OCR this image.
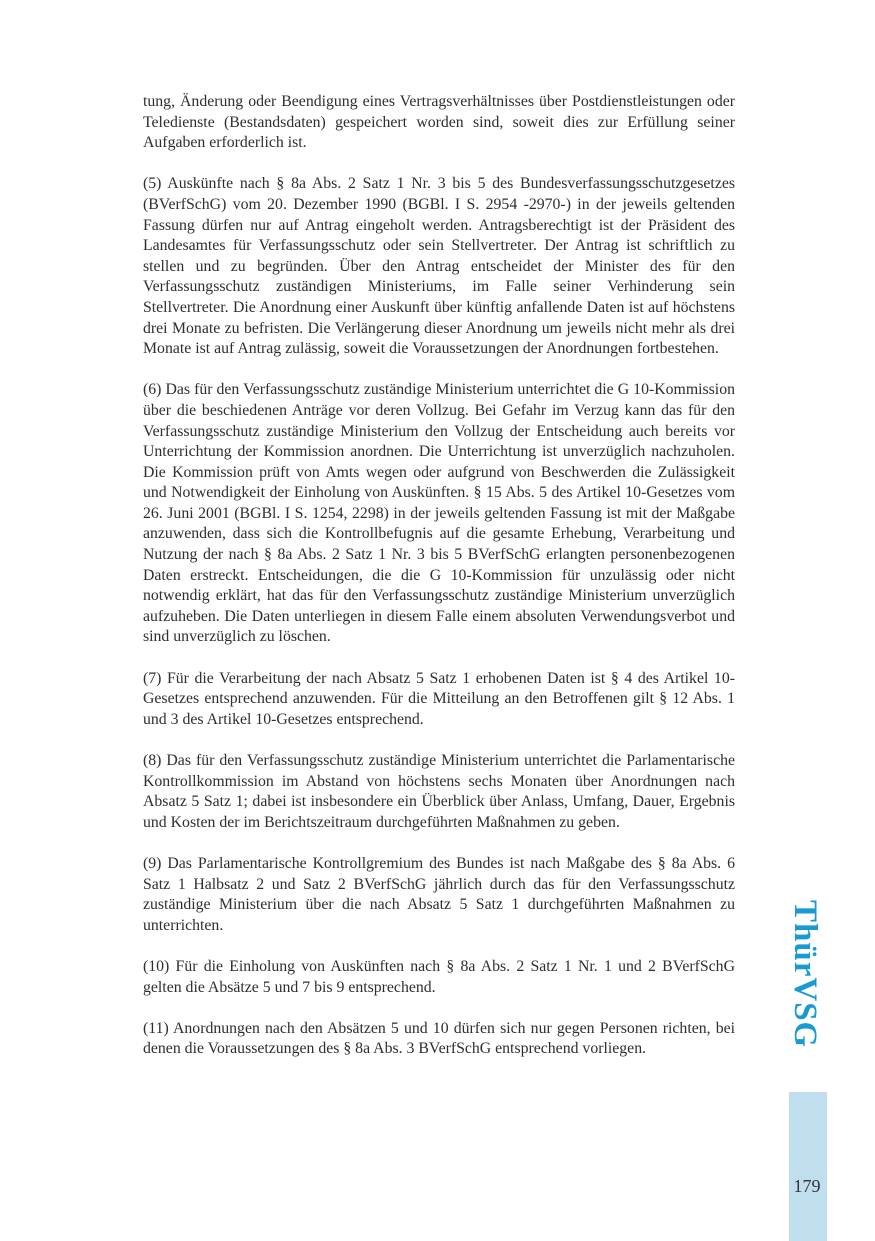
tung, Änderung oder Beendigung eines Vertragsverhältnisses über Postdienstleistungen oder Teledienste (Bestandsdaten) gespeichert worden sind, soweit dies zur Erfüllung seiner Aufgaben erforderlich ist.

(5) Auskünfte nach § 8a Abs. 2 Satz 1 Nr. 3 bis 5 des Bundesverfassungsschutzgesetzes (BVerfSchG) vom 20. Dezember 1990 (BGBl. I S. 2954 -2970-) in der jeweils geltenden Fassung dürfen nur auf Antrag eingeholt werden. Antragsberechtigt ist der Präsident des Landesamtes für Verfassungsschutz oder sein Stellvertreter. Der Antrag ist schriftlich zu stellen und zu begründen. Über den Antrag entscheidet der Minister des für den Verfassungsschutz zuständigen Ministeriums, im Falle seiner Verhinderung sein Stellvertreter. Die Anordnung einer Auskunft über künftig anfallende Daten ist auf höchstens drei Monate zu befristen. Die Verlängerung dieser Anordnung um jeweils nicht mehr als drei Monate ist auf Antrag zulässig, soweit die Voraussetzungen der Anordnungen fortbestehen.

(6) Das für den Verfassungsschutz zuständige Ministerium unterrichtet die G 10-Kommission über die beschiedenen Anträge vor deren Vollzug. Bei Gefahr im Verzug kann das für den Verfassungsschutz zuständige Ministerium den Vollzug der Entscheidung auch bereits vor Unterrichtung der Kommission anordnen. Die Unterrichtung ist unverzüglich nachzuholen. Die Kommission prüft von Amts wegen oder aufgrund von Beschwerden die Zulässigkeit und Notwendigkeit der Einholung von Auskünften. § 15 Abs. 5 des Artikel 10-Gesetzes vom 26. Juni 2001 (BGBl. I S. 1254, 2298) in der jeweils geltenden Fassung ist mit der Maßgabe anzuwenden, dass sich die Kontrollbefugnis auf die gesamte Erhebung, Verarbeitung und Nutzung der nach § 8a Abs. 2 Satz 1 Nr. 3 bis 5 BVerfSchG erlangten personenbezogenen Daten erstreckt. Entscheidungen, die die G 10-Kommission für unzulässig oder nicht notwendig erklärt, hat das für den Verfassungsschutz zuständige Ministerium unverzüglich aufzuheben. Die Daten unterliegen in diesem Falle einem absoluten Verwendungsverbot und sind unverzüglich zu löschen.

(7) Für die Verarbeitung der nach Absatz 5 Satz 1 erhobenen Daten ist § 4 des Artikel 10-Gesetzes entsprechend anzuwenden. Für die Mitteilung an den Betroffenen gilt § 12 Abs. 1 und 3 des Artikel 10-Gesetzes entsprechend.

(8) Das für den Verfassungsschutz zuständige Ministerium unterrichtet die Parlamentarische Kontrollkommission im Abstand von höchstens sechs Monaten über Anordnungen nach Absatz 5 Satz 1; dabei ist insbesondere ein Überblick über Anlass, Umfang, Dauer, Ergebnis und Kosten der im Berichtszeitraum durchgeführten Maßnahmen zu geben.

(9) Das Parlamentarische Kontrollgremium des Bundes ist nach Maßgabe des § 8a Abs. 6 Satz 1 Halbsatz 2 und Satz 2 BVerfSchG jährlich durch das für den Verfassungsschutz zuständige Ministerium über die nach Absatz 5 Satz 1 durchgeführten Maßnahmen zu unterrichten.

(10) Für die Einholung von Auskünften nach § 8a Abs. 2 Satz 1 Nr. 1 und 2 BVerfSchG gelten die Absätze 5 und 7 bis 9 entsprechend.

(11) Anordnungen nach den Absätzen 5 und 10 dürfen sich nur gegen Personen richten, bei denen die Voraussetzungen des § 8a Abs. 3 BVerfSchG entsprechend vorliegen.

ThürVSG
179
